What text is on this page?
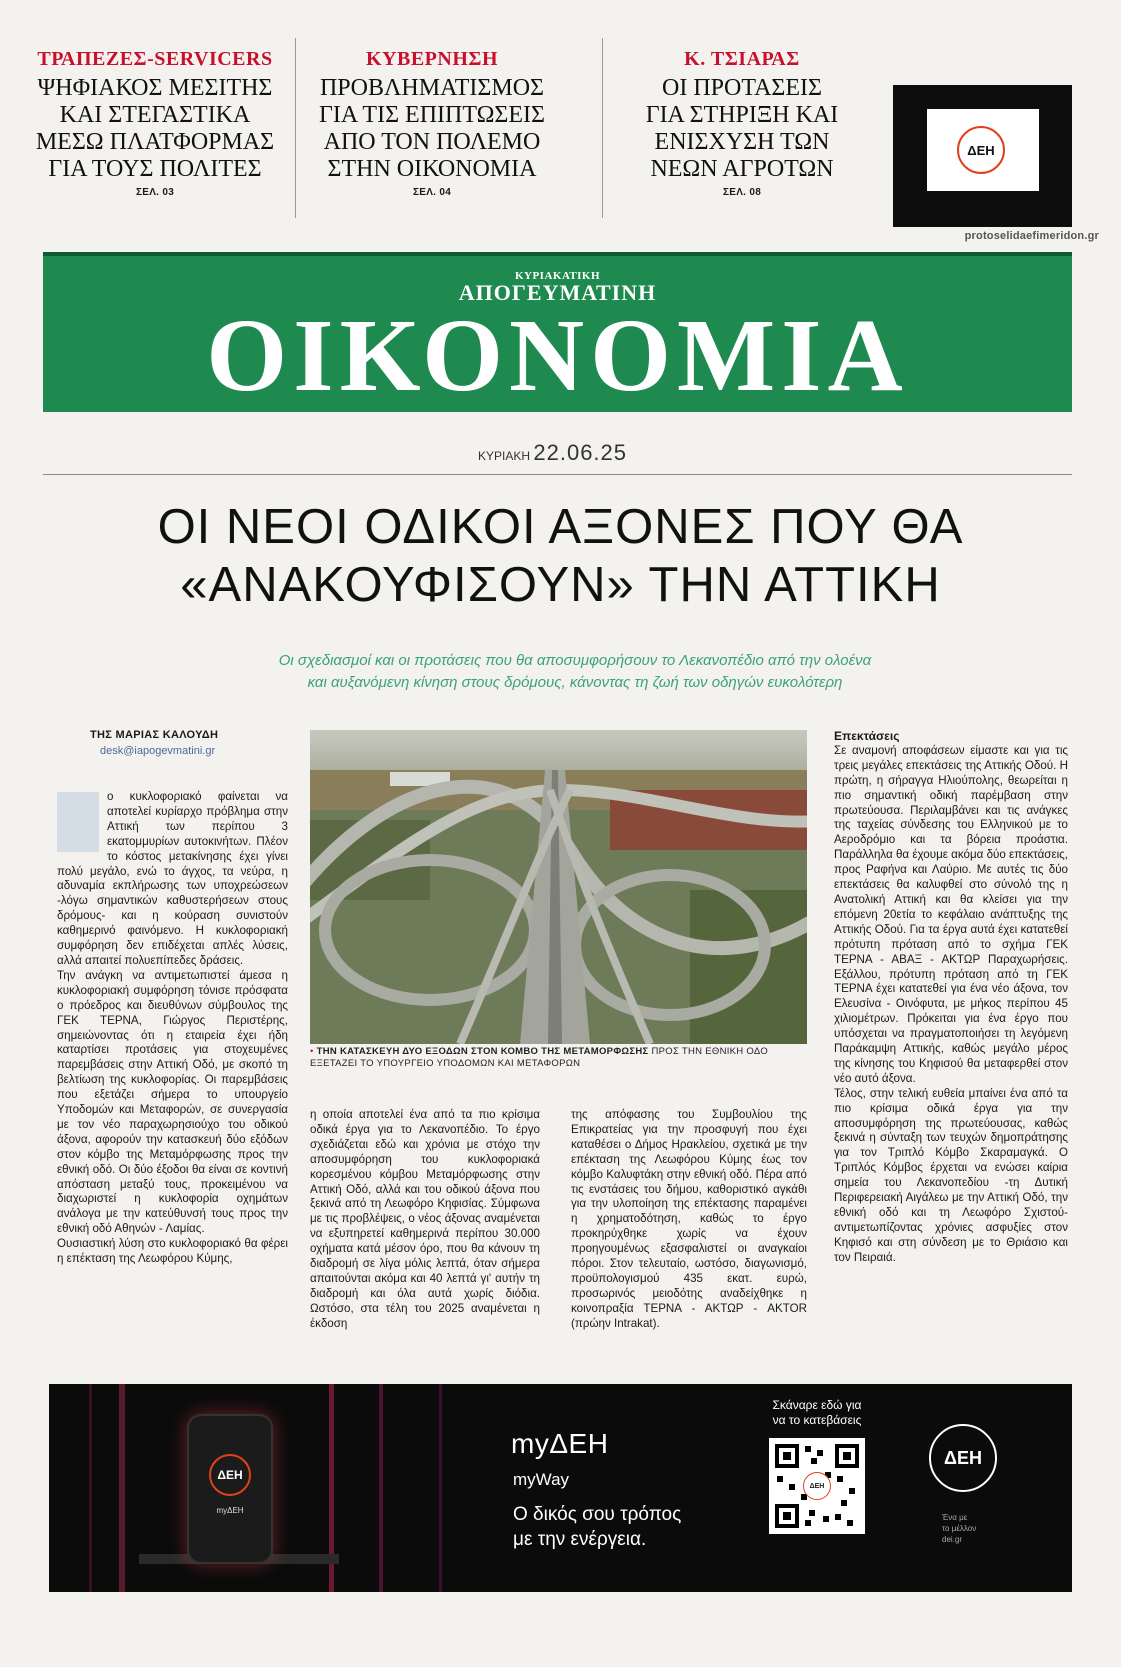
ΤΡΑΠΕΖΕΣ-SERVICERS
ΨΗΦΙΑΚΟΣ ΜΕΣΙΤΗΣ
ΚΑΙ ΣΤΕΓΑΣΤΙΚΑ
ΜΕΣΩ ΠΛΑΤΦΟΡΜΑΣ
ΓΙΑ ΤΟΥΣ ΠΟΛΙΤΕΣ
ΣΕΛ. 03
ΚΥΒΕΡΝΗΣΗ
ΠΡΟΒΛΗΜΑΤΙΣΜΟΣ
ΓΙΑ ΤΙΣ ΕΠΙΠΤΩΣΕΙΣ
ΑΠΟ ΤΟΝ ΠΟΛΕΜΟ
ΣΤΗΝ ΟΙΚΟΝΟΜΙΑ
ΣΕΛ. 04
Κ. ΤΣΙΑΡΑΣ
ΟΙ ΠΡΟΤΑΣΕΙΣ
ΓΙΑ ΣΤΗΡΙΞΗ ΚΑΙ
ΕΝΙΣΧΥΣΗ ΤΩΝ
ΝΕΩΝ ΑΓΡΟΤΩΝ
ΣΕΛ. 08
ΔΕΗ
protoselidaefimeridon.gr
ΚΥΡΙΑΚΑΤΙΚΗ
ΑΠΟΓΕΥΜΑΤΙΝΗ
ΟΙΚΟΝΟΜΙΑ
ΚΥΡΙΑΚΗ 22.06.25
ΟΙ ΝΕΟΙ ΟΔΙΚΟΙ ΑΞΟΝΕΣ ΠΟΥ ΘΑ
«ΑΝΑΚΟΥΦΙΣΟΥΝ» ΤΗΝ ΑΤΤΙΚΗ
Οι σχεδιασμοί και οι προτάσεις που θα αποσυμφορήσουν το Λεκανοπέδιο από την ολοένα
και αυξανόμενη κίνηση στους δρόμους, κάνοντας τη ζωή των οδηγών ευκολότερη
ΤΗΣ ΜΑΡΙΑΣ ΚΑΛΟΥΔΗ
desk@iapogevmatini.gr

ο κυκλοφοριακό φαίνεται να αποτελεί κυρίαρχο πρόβλημα στην Αττική των περίπου 3 εκατομμυρίων αυτοκινήτων. Πλέον το κόστος μετακίνησης έχει γίνει πολύ μεγάλο, ενώ το άγχος, τα νεύρα, η αδυναμία εκπλήρωσης των υποχρεώσεων -λόγω σημαντικών καθυστερήσεων στους δρόμους- και η κούραση συνιστούν καθημερινό φαινόμενο. Η κυκλοφοριακή συμφόρηση δεν επιδέχεται απλές λύσεις, αλλά απαιτεί πολυεπίπεδες δράσεις.

Την ανάγκη να αντιμετωπιστεί άμεσα η κυκλοφοριακή συμφόρηση τόνισε πρόσφατα ο πρόεδρος και διευθύνων σύμβουλος της ΓΕΚ ΤΕΡΝΑ, Γιώργος Περιστέρης, σημειώνοντας ότι η εταιρεία έχει ήδη καταρτίσει προτάσεις για στοχευμένες παρεμβάσεις στην Αττική Οδό, με σκοπό τη βελτίωση της κυκλοφορίας. Οι παρεμβάσεις που εξετάζει σήμερα το υπουργείο Υποδομών και Μεταφορών, σε συνεργασία με τον νέο παραχωρησιούχο του οδικού άξονα, αφορούν την κατασκευή δύο εξόδων στον κόμβο της Μεταμόρφωσης προς την εθνική οδό. Οι δύο έξοδοι θα είναι σε κοντινή απόσταση μεταξύ τους, προκειμένου να διαχωριστεί η κυκλοφορία οχημάτων ανάλογα με την κατεύθυνσή τους προς την εθνική οδό Αθηνών - Λαμίας.

Ουσιαστική λύση στο κυκλοφοριακό θα φέρει η επέκταση της Λεωφόρου Κύμης,

• ΤΗΝ ΚΑΤΑΣΚΕΥΗ ΔΥΟ ΕΞΟΔΩΝ ΣΤΟΝ ΚΟΜΒΟ ΤΗΣ ΜΕΤΑΜΟΡΦΩΣΗΣ ΠΡΟΣ ΤΗΝ ΕΘΝΙΚΗ ΟΔΟ ΕΞΕΤΑΖΕΙ ΤΟ ΥΠΟΥΡΓΕΙΟ ΥΠΟΔΟΜΩΝ ΚΑΙ ΜΕΤΑΦΟΡΩΝ

η οποία αποτελεί ένα από τα πιο κρίσιμα οδικά έργα για το Λεκανοπέδιο. Το έργο σχεδιάζεται εδώ και χρόνια με στόχο την αποσυμφόρηση του κυκλοφοριακά κορεσμένου κόμβου Μεταμόρφωσης στην Αττική Οδό, αλλά και του οδικού άξονα που ξεκινά από τη Λεωφόρο Κηφισίας. Σύμφωνα με τις προβλέψεις, ο νέος άξονας αναμένεται να εξυπηρετεί καθημερινά περίπου 30.000 οχήματα κατά μέσον όρο, που θα κάνουν τη διαδρομή σε λίγα μόλις λεπτά, όταν σήμερα απαιτούνται ακόμα και 40 λεπτά γι' αυτήν τη διαδρομή και όλα αυτά χωρίς διόδια. Ωστόσο, στα τέλη του 2025 αναμένεται η έκδοση

της απόφασης του Συμβουλίου της Επικρατείας για την προσφυγή που έχει καταθέσει ο Δήμος Ηρακλείου, σχετικά με την επέκταση της Λεωφόρου Κύμης έως τον κόμβο Καλυφτάκη στην εθνική οδό. Πέρα από τις ενστάσεις του δήμου, καθοριστικό αγκάθι για την υλοποίηση της επέκτασης παραμένει η χρηματοδότηση, καθώς το έργο προκηρύχθηκε χωρίς να έχουν προηγουμένως εξασφαλιστεί οι αναγκαίοι πόροι. Στον τελευταίο, ωστόσο, διαγωνισμό, προϋπολογισμού 435 εκατ. ευρώ, προσωρινός μειοδότης αναδείχθηκε η κοινοπραξία ΤΕΡΝΑ - ΑΚΤΩΡ - AKTOR (πρώην Intrakat).

Επεκτάσεις

Σε αναμονή αποφάσεων είμαστε και για τις τρεις μεγάλες επεκτάσεις της Αττικής Οδού. Η πρώτη, η σήραγγα Ηλιούπολης, θεωρείται η πιο σημαντική οδική παρέμβαση στην πρωτεύουσα. Περιλαμβάνει και τις ανάγκες της ταχείας σύνδεσης του Ελληνικού με το Αεροδρόμιο και τα βόρεια προάστια. Παράλληλα θα έχουμε ακόμα δύο επεκτάσεις, προς Ραφήνα και Λαύριο. Με αυτές τις δύο επεκτάσεις θα καλυφθεί στο σύνολό της η Ανατολική Αττική και θα κλείσει για την επόμενη 20ετία το κεφάλαιο ανάπτυξης της Αττικής Οδού. Για τα έργα αυτά έχει κατατεθεί πρότυπη πρόταση από το σχήμα ΓΕΚ ΤΕΡΝΑ - ΑΒΑΞ - ΑΚΤΩΡ Παραχωρήσεις. Εξάλλου, πρότυπη πρόταση από τη ΓΕΚ ΤΕΡΝΑ έχει κατατεθεί για ένα νέο άξονα, τον Ελευσίνα - Οινόφυτα, με μήκος περίπου 45 χιλιομέτρων. Πρόκειται για ένα έργο που υπόσχεται να πραγματοποιήσει τη λεγόμενη Παράκαμψη Αττικής, καθώς μεγάλο μέρος της κίνησης του Κηφισού θα μεταφερθεί στον νέο αυτό άξονα.

Τέλος, στην τελική ευθεία μπαίνει ένα από τα πιο κρίσιμα οδικά έργα για την αποσυμφόρηση της πρωτεύουσας, καθώς ξεκινά η σύνταξη των τευχών δημοπράτησης για τον Τριπλό Κόμβο Σκαραμαγκά. Ο Τριπλός Κόμβος έρχεται να ενώσει καίρια σημεία του Λεκανοπεδίου -τη Δυτική Περιφερειακή Αιγάλεω με την Αττική Οδό, την εθνική οδό και τη Λεωφόρο Σχιστού- αντιμετωπίζοντας χρόνιες ασφυξίες στον Κηφισό και στη σύνδεση με το Θριάσιο και τον Πειραιά.

ΔΕΗ
myΔΕΗ
myΔΕΗ
myWay
Ο δικός σου τρόπος
με την ενέργεια.
Σκάναρε εδώ για
να το κατεβάσεις
ΔΕΗ
ΔΕΗ
Ένα με
το μέλλον
dei.gr
